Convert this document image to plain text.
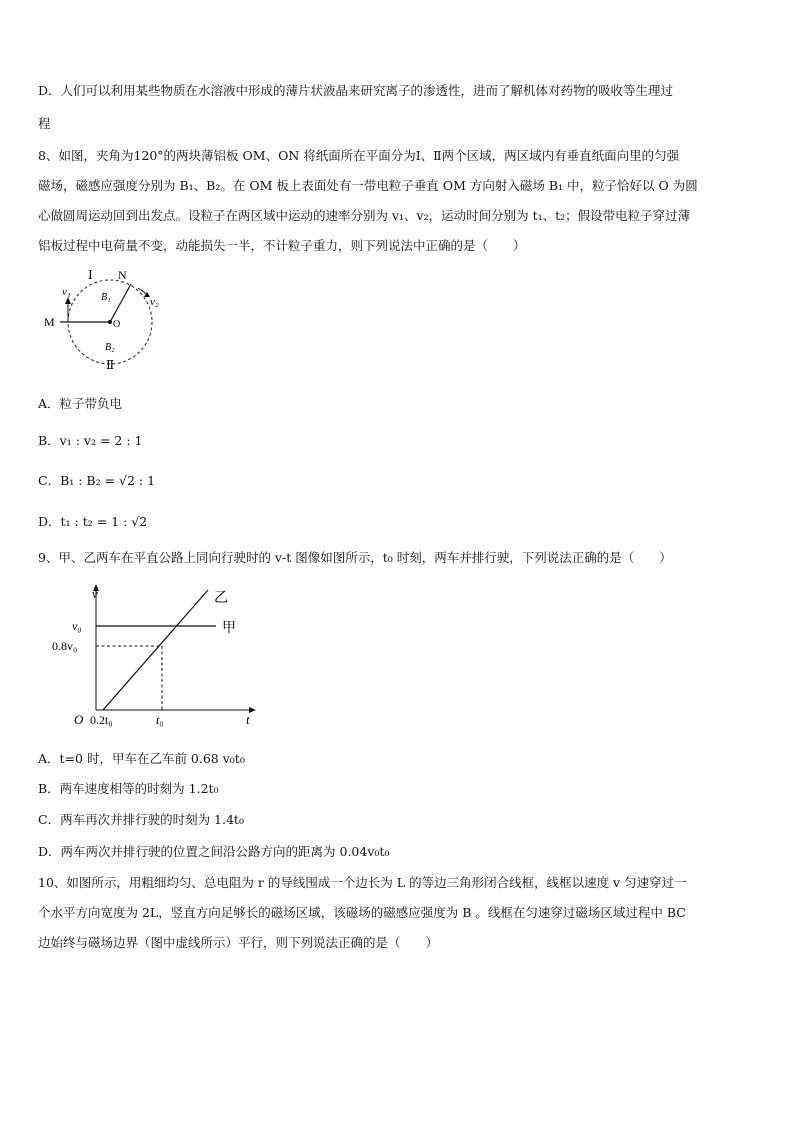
D．人们可以利用某些物质在水溶液中形成的薄片状液晶来研究离子的渗透性，进而了解机体对药物的吸收等生理过
程
8、如图，夹角为120°的两块薄铝板 OM、ON 将纸面所在平面分为Ⅰ、Ⅱ两个区域，两区域内有垂直纸面向里的匀强
磁场，磁感应强度分别为 B₁、B₂。在 OM 板上表面处有一带电粒子垂直 OM 方向射入磁场 B₁ 中，粒子恰好以 O 为圆
心做圆周运动回到出发点。设粒子在两区域中运动的速率分别为 v₁、v₂，运动时间分别为 t₁、t₂；假设带电粒子穿过薄
铝板过程中电荷量不变，动能损失一半，不计粒子重力，则下列说法中正确的是（　　）
Ⅰ N
v₁	B₁	v₂
M	O
B₂
Ⅱ
A．粒子带负电
B．v₁ : v₂ = 2 : 1
C．B₁ : B₂ = √2 : 1
D．t₁ : t₂ = 1 : √2
9、甲、乙两车在平直公路上同向行驶时的 v-t 图像如图所示，t₀ 时刻，两车并排行驶，下列说法正确的是（　　）
v
t
O
乙
甲
v₀
0.8v₀
0.2t₀	t₀
A．t=0 时，甲车在乙车前 0.68 v₀t₀
B．两车速度相等的时刻为 1.2t₀
C．两车再次并排行驶的时刻为 1.4t₀
D．两车两次并排行驶的位置之间沿公路方向的距离为 0.04v₀t₀
10、如图所示，用粗细均匀、总电阻为 r 的导线围成一个边长为 L 的等边三角形闭合线框，线框以速度 v 匀速穿过一
个水平方向宽度为 2L，竖直方向足够长的磁场区域，该磁场的磁感应强度为 B 。线框在匀速穿过磁场区域过程中 BC
边始终与磁场边界（图中虚线所示）平行，则下列说法正确的是（　　）
